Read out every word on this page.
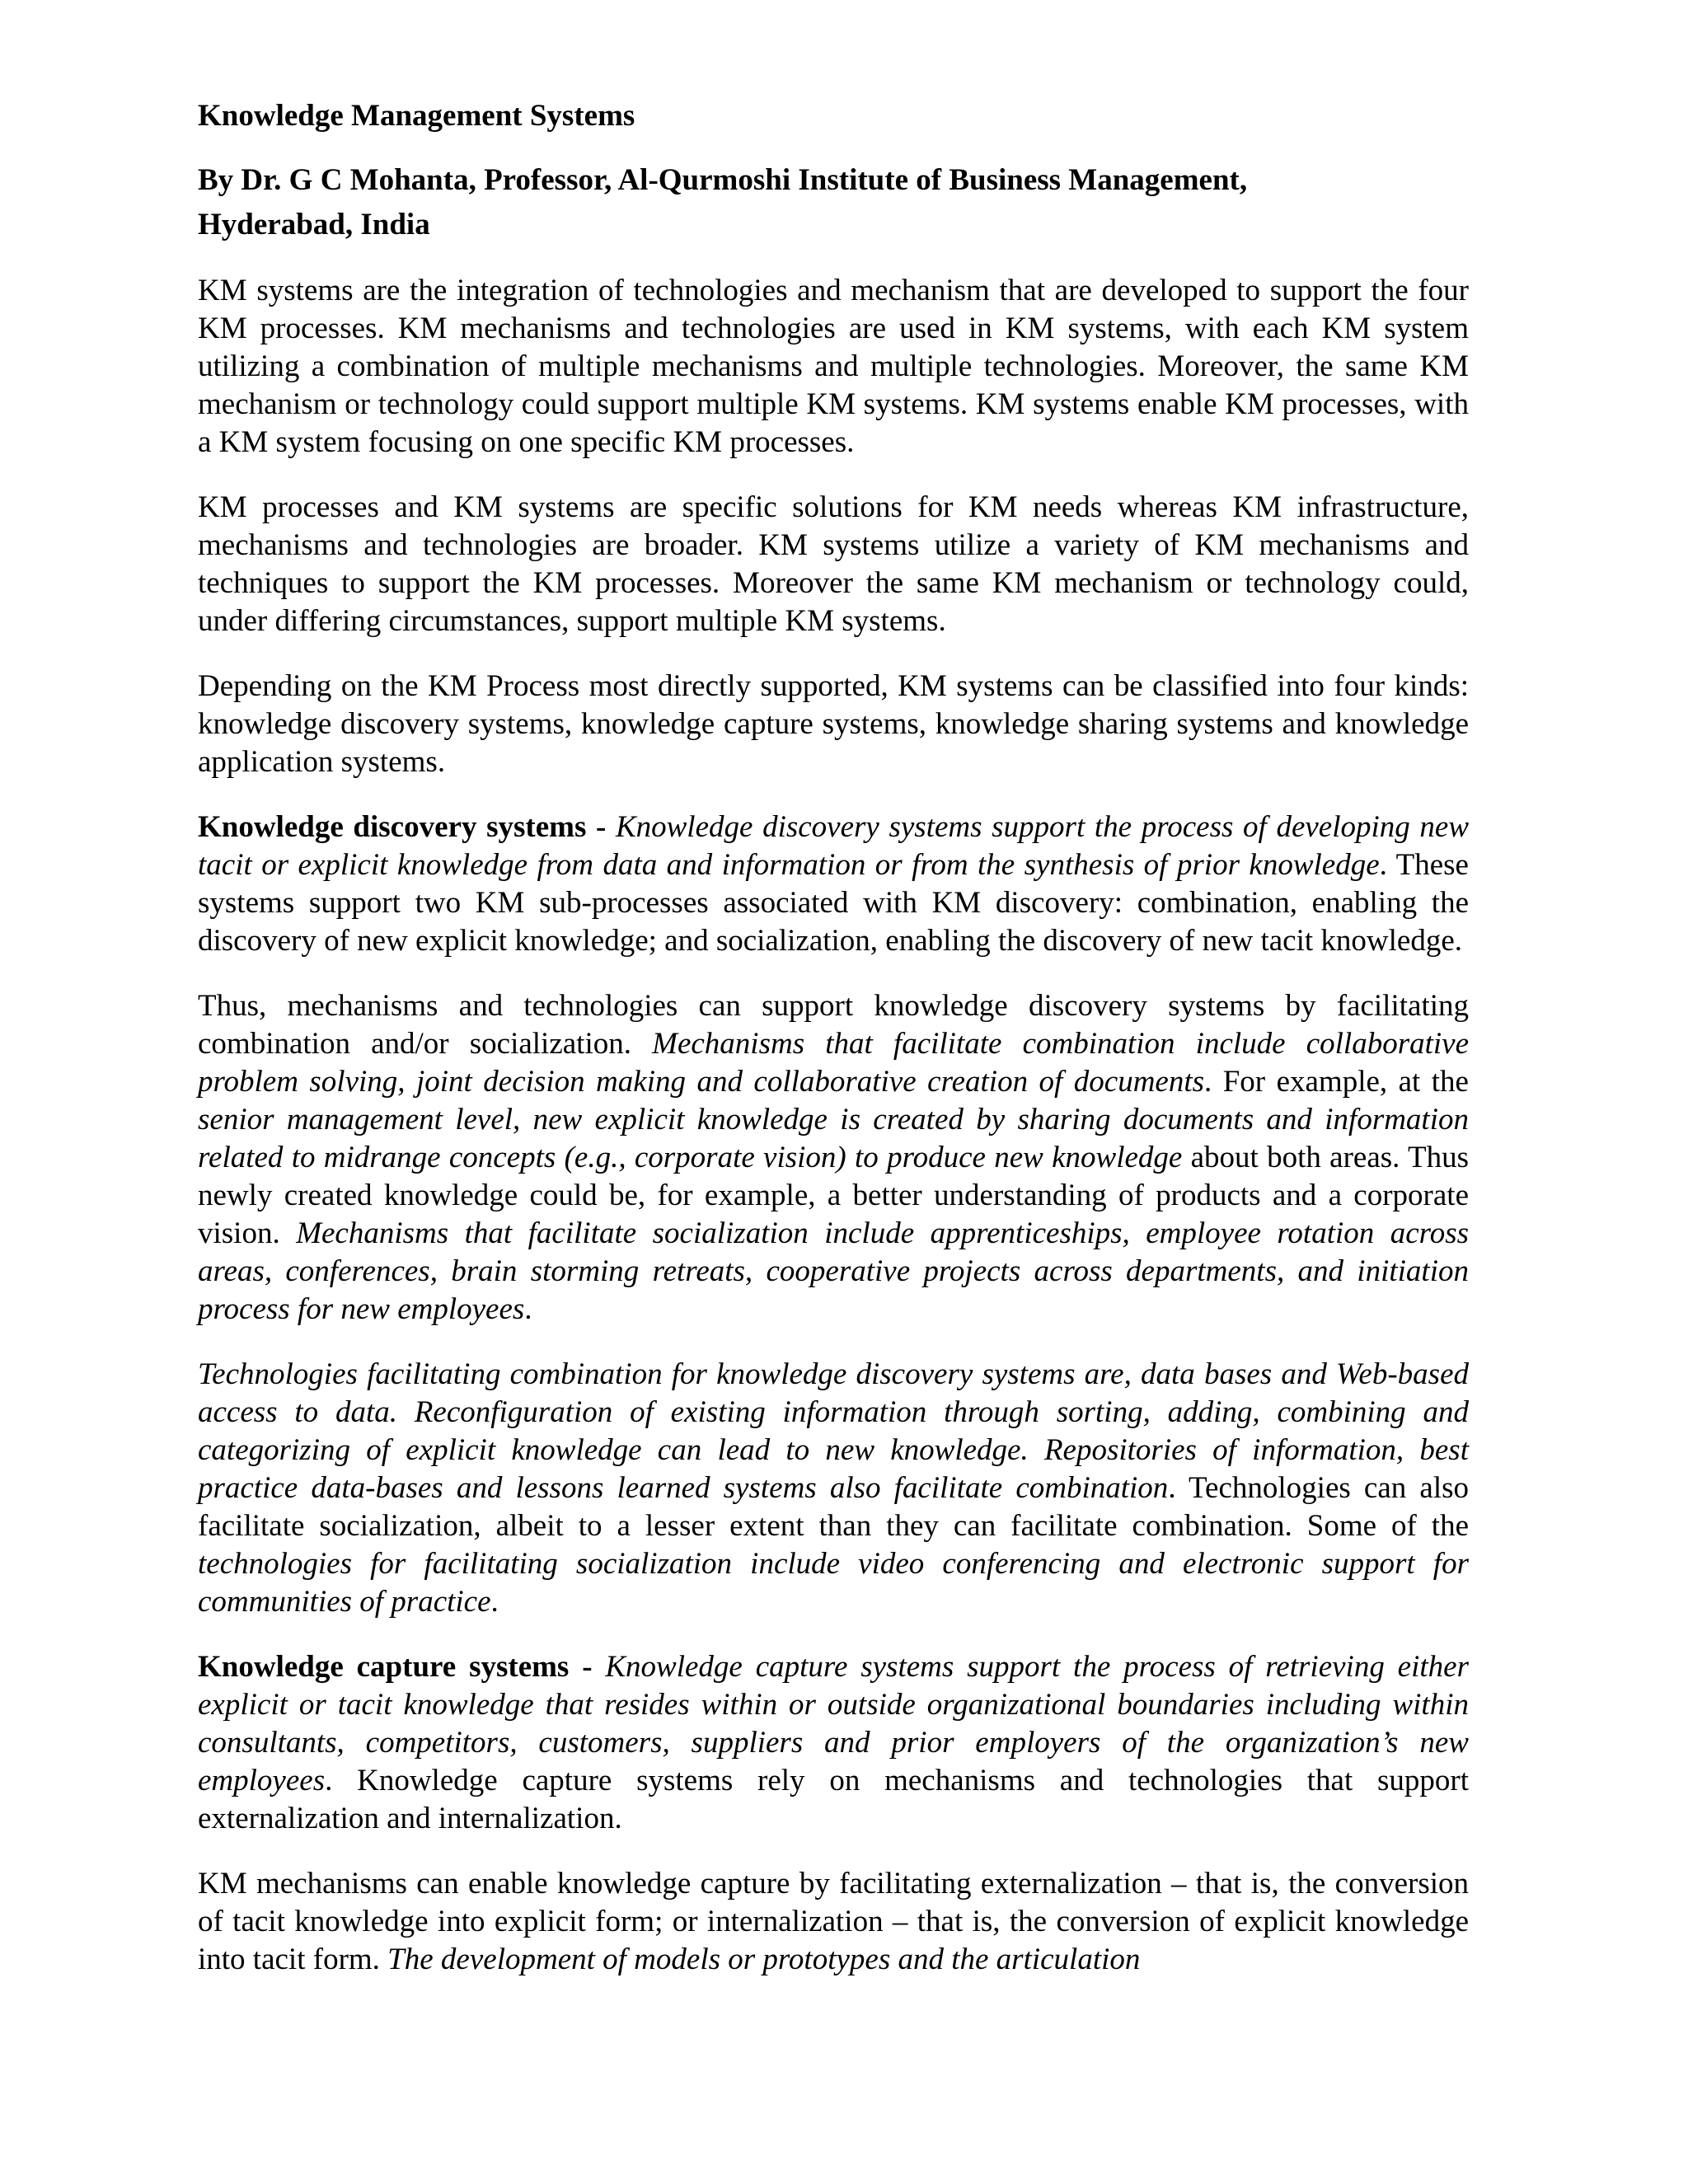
Knowledge Management Systems
By Dr. G C Mohanta, Professor, Al-Qurmoshi Institute of Business Management,
Hyderabad, India

KM systems are the integration of technologies and mechanism that are developed to support the four KM processes. KM mechanisms and technologies are used in KM systems, with each KM system utilizing a combination of multiple mechanisms and multiple technologies. Moreover, the same KM mechanism or technology could support multiple KM systems. KM systems enable KM processes, with a KM system focusing on one specific KM processes.

KM processes and KM systems are specific solutions for KM needs whereas KM infrastructure, mechanisms and technologies are broader. KM systems utilize a variety of KM mechanisms and techniques to support the KM processes. Moreover the same KM mechanism or technology could, under differing circumstances, support multiple KM systems.

Depending on the KM Process most directly supported, KM systems can be classified into four kinds: knowledge discovery systems, knowledge capture systems, knowledge sharing systems and knowledge application systems.

Knowledge discovery systems - Knowledge discovery systems support the process of developing new tacit or explicit knowledge from data and information or from the synthesis of prior knowledge. These systems support two KM sub-processes associated with KM discovery: combination, enabling the discovery of new explicit knowledge; and socialization, enabling the discovery of new tacit knowledge.

Thus, mechanisms and technologies can support knowledge discovery systems by facilitating combination and/or socialization. Mechanisms that facilitate combination include collaborative problem solving, joint decision making and collaborative creation of documents. For example, at the senior management level, new explicit knowledge is created by sharing documents and information related to midrange concepts (e.g., corporate vision) to produce new knowledge about both areas. Thus newly created knowledge could be, for example, a better understanding of products and a corporate vision. Mechanisms that facilitate socialization include apprenticeships, employee rotation across areas, conferences, brain storming retreats, cooperative projects across departments, and initiation process for new employees.

Technologies facilitating combination for knowledge discovery systems are, data bases and Web-based access to data. Reconfiguration of existing information through sorting, adding, combining and categorizing of explicit knowledge can lead to new knowledge. Repositories of information, best practice data-bases and lessons learned systems also facilitate combination. Technologies can also facilitate socialization, albeit to a lesser extent than they can facilitate combination. Some of the technologies for facilitating socialization include video conferencing and electronic support for communities of practice.

Knowledge capture systems - Knowledge capture systems support the process of retrieving either explicit or tacit knowledge that resides within or outside organizational boundaries including within consultants, competitors, customers, suppliers and prior employers of the organization’s new employees. Knowledge capture systems rely on mechanisms and technologies that support externalization and internalization.

KM mechanisms can enable knowledge capture by facilitating externalization – that is, the conversion of tacit knowledge into explicit form; or internalization – that is, the conversion of explicit knowledge into tacit form. The development of models or prototypes and the articulation
